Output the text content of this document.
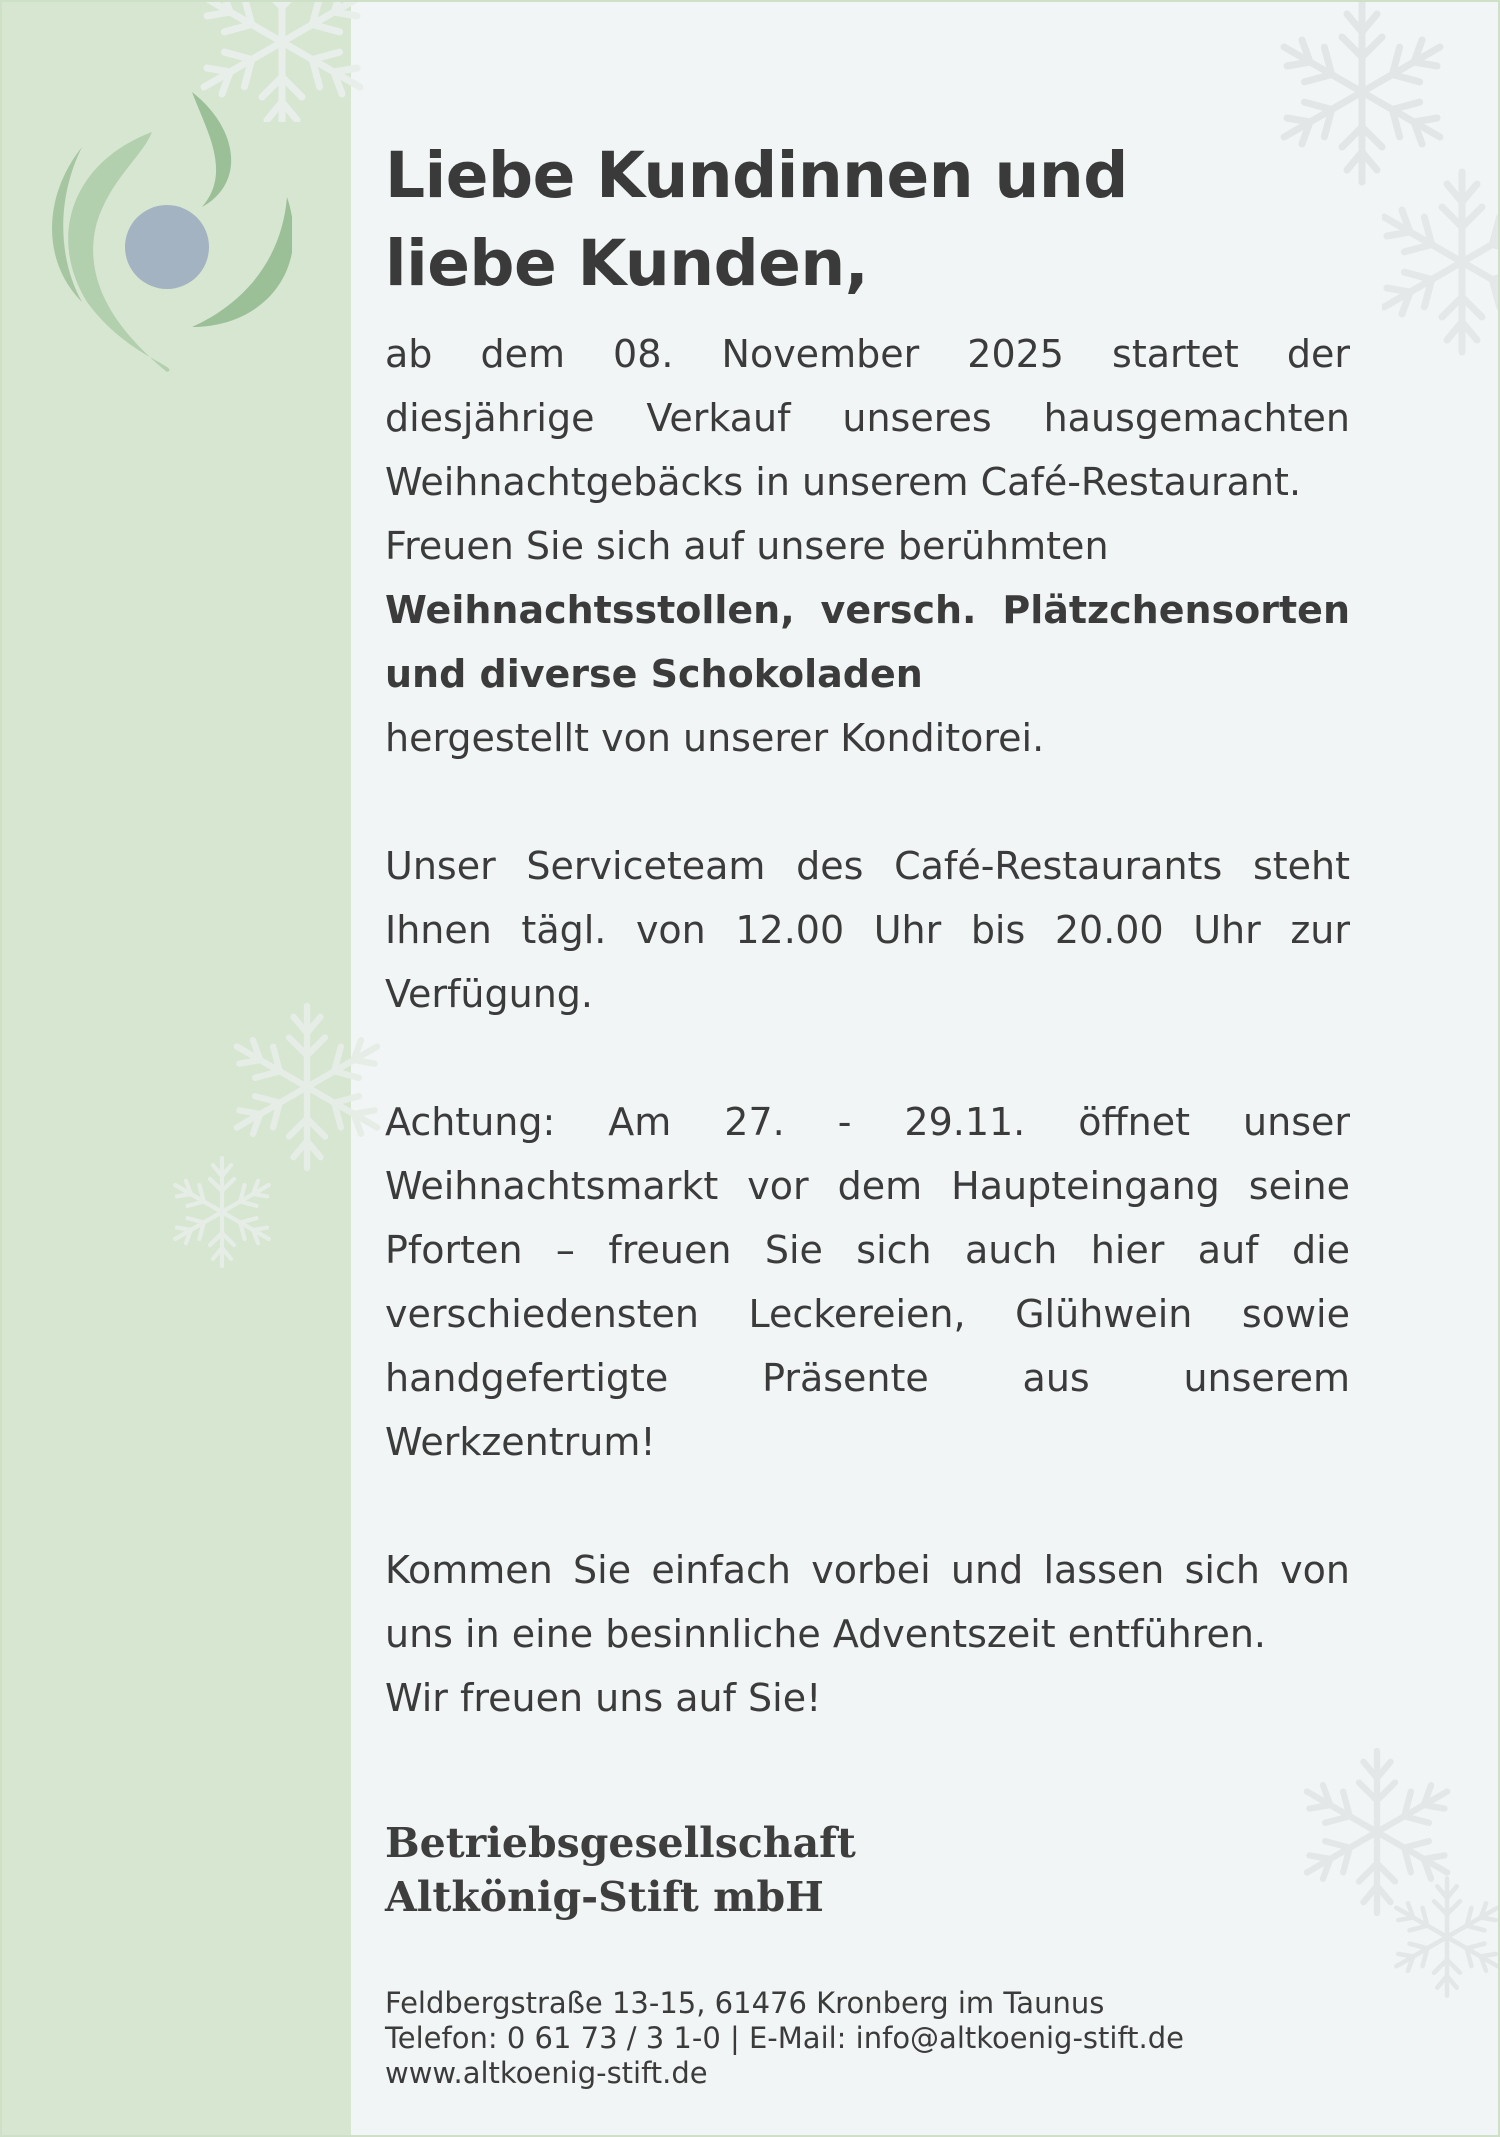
Liebe Kundinnen und
liebe Kunden,

ab dem 08. November 2025 startet der diesjährige Verkauf unseres hausgemachten Weihnachtgebäcks in unserem Café-Restaurant.

Freuen Sie sich auf unsere berühmten

Weihnachtsstollen, versch. Plätzchensorten und diverse Schokoladen

hergestellt von unserer Konditorei.

Unser Serviceteam des Café-Restaurants steht Ihnen tägl. von 12.00 Uhr bis 20.00 Uhr zur Verfügung.

Achtung: Am 27. - 29.11. öffnet unser Weihnachtsmarkt vor dem Haupteingang seine Pforten – freuen Sie sich auch hier auf die verschiedensten Leckereien, Glühwein sowie handgefertigte Präsente aus unserem Werkzentrum!

Kommen Sie einfach vorbei und lassen sich von uns in eine besinnliche Adventszeit entführen.

Wir freuen uns auf Sie!

Betriebsgesellschaft
Altkönig-Stift mbH

Feldbergstraße 13-15, 61476 Kronberg im Taunus
Telefon: 0 61 73 / 3 1-0 | E-Mail: info@altkoenig-stift.de
www.altkoenig-stift.de
